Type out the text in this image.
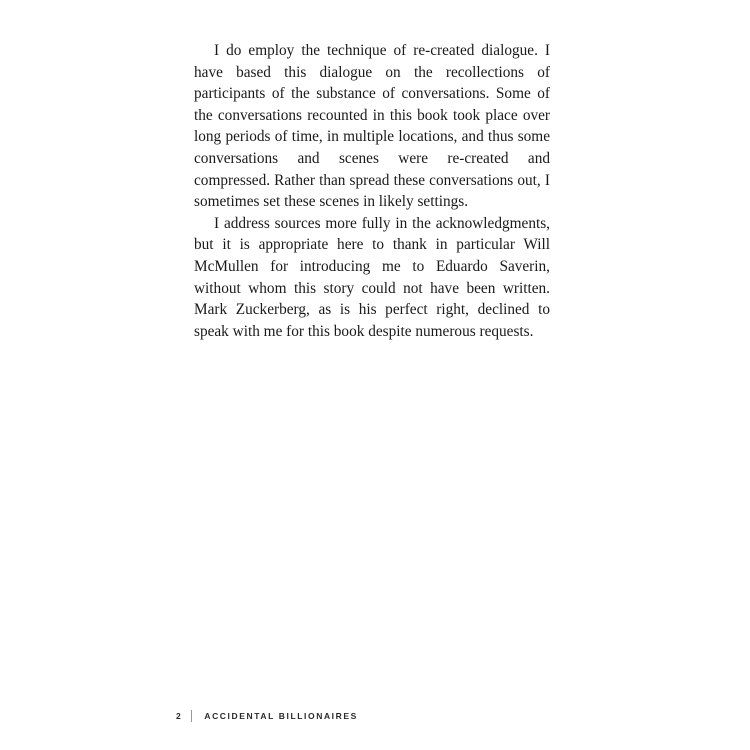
I do employ the technique of re-created dialogue. I have based this dialogue on the recollections of participants of the substance of conversations. Some of the conversations recounted in this book took place over long periods of time, in multiple locations, and thus some conversations and scenes were re-created and compressed. Rather than spread these conversations out, I sometimes set these scenes in likely settings.

I address sources more fully in the acknowledgments, but it is appropriate here to thank in particular Will McMullen for introducing me to Eduardo Saverin, without whom this story could not have been written. Mark Zuckerberg, as is his perfect right, declined to speak with me for this book despite numerous requests.

2	ACCIDENTAL BILLIONAIRES
